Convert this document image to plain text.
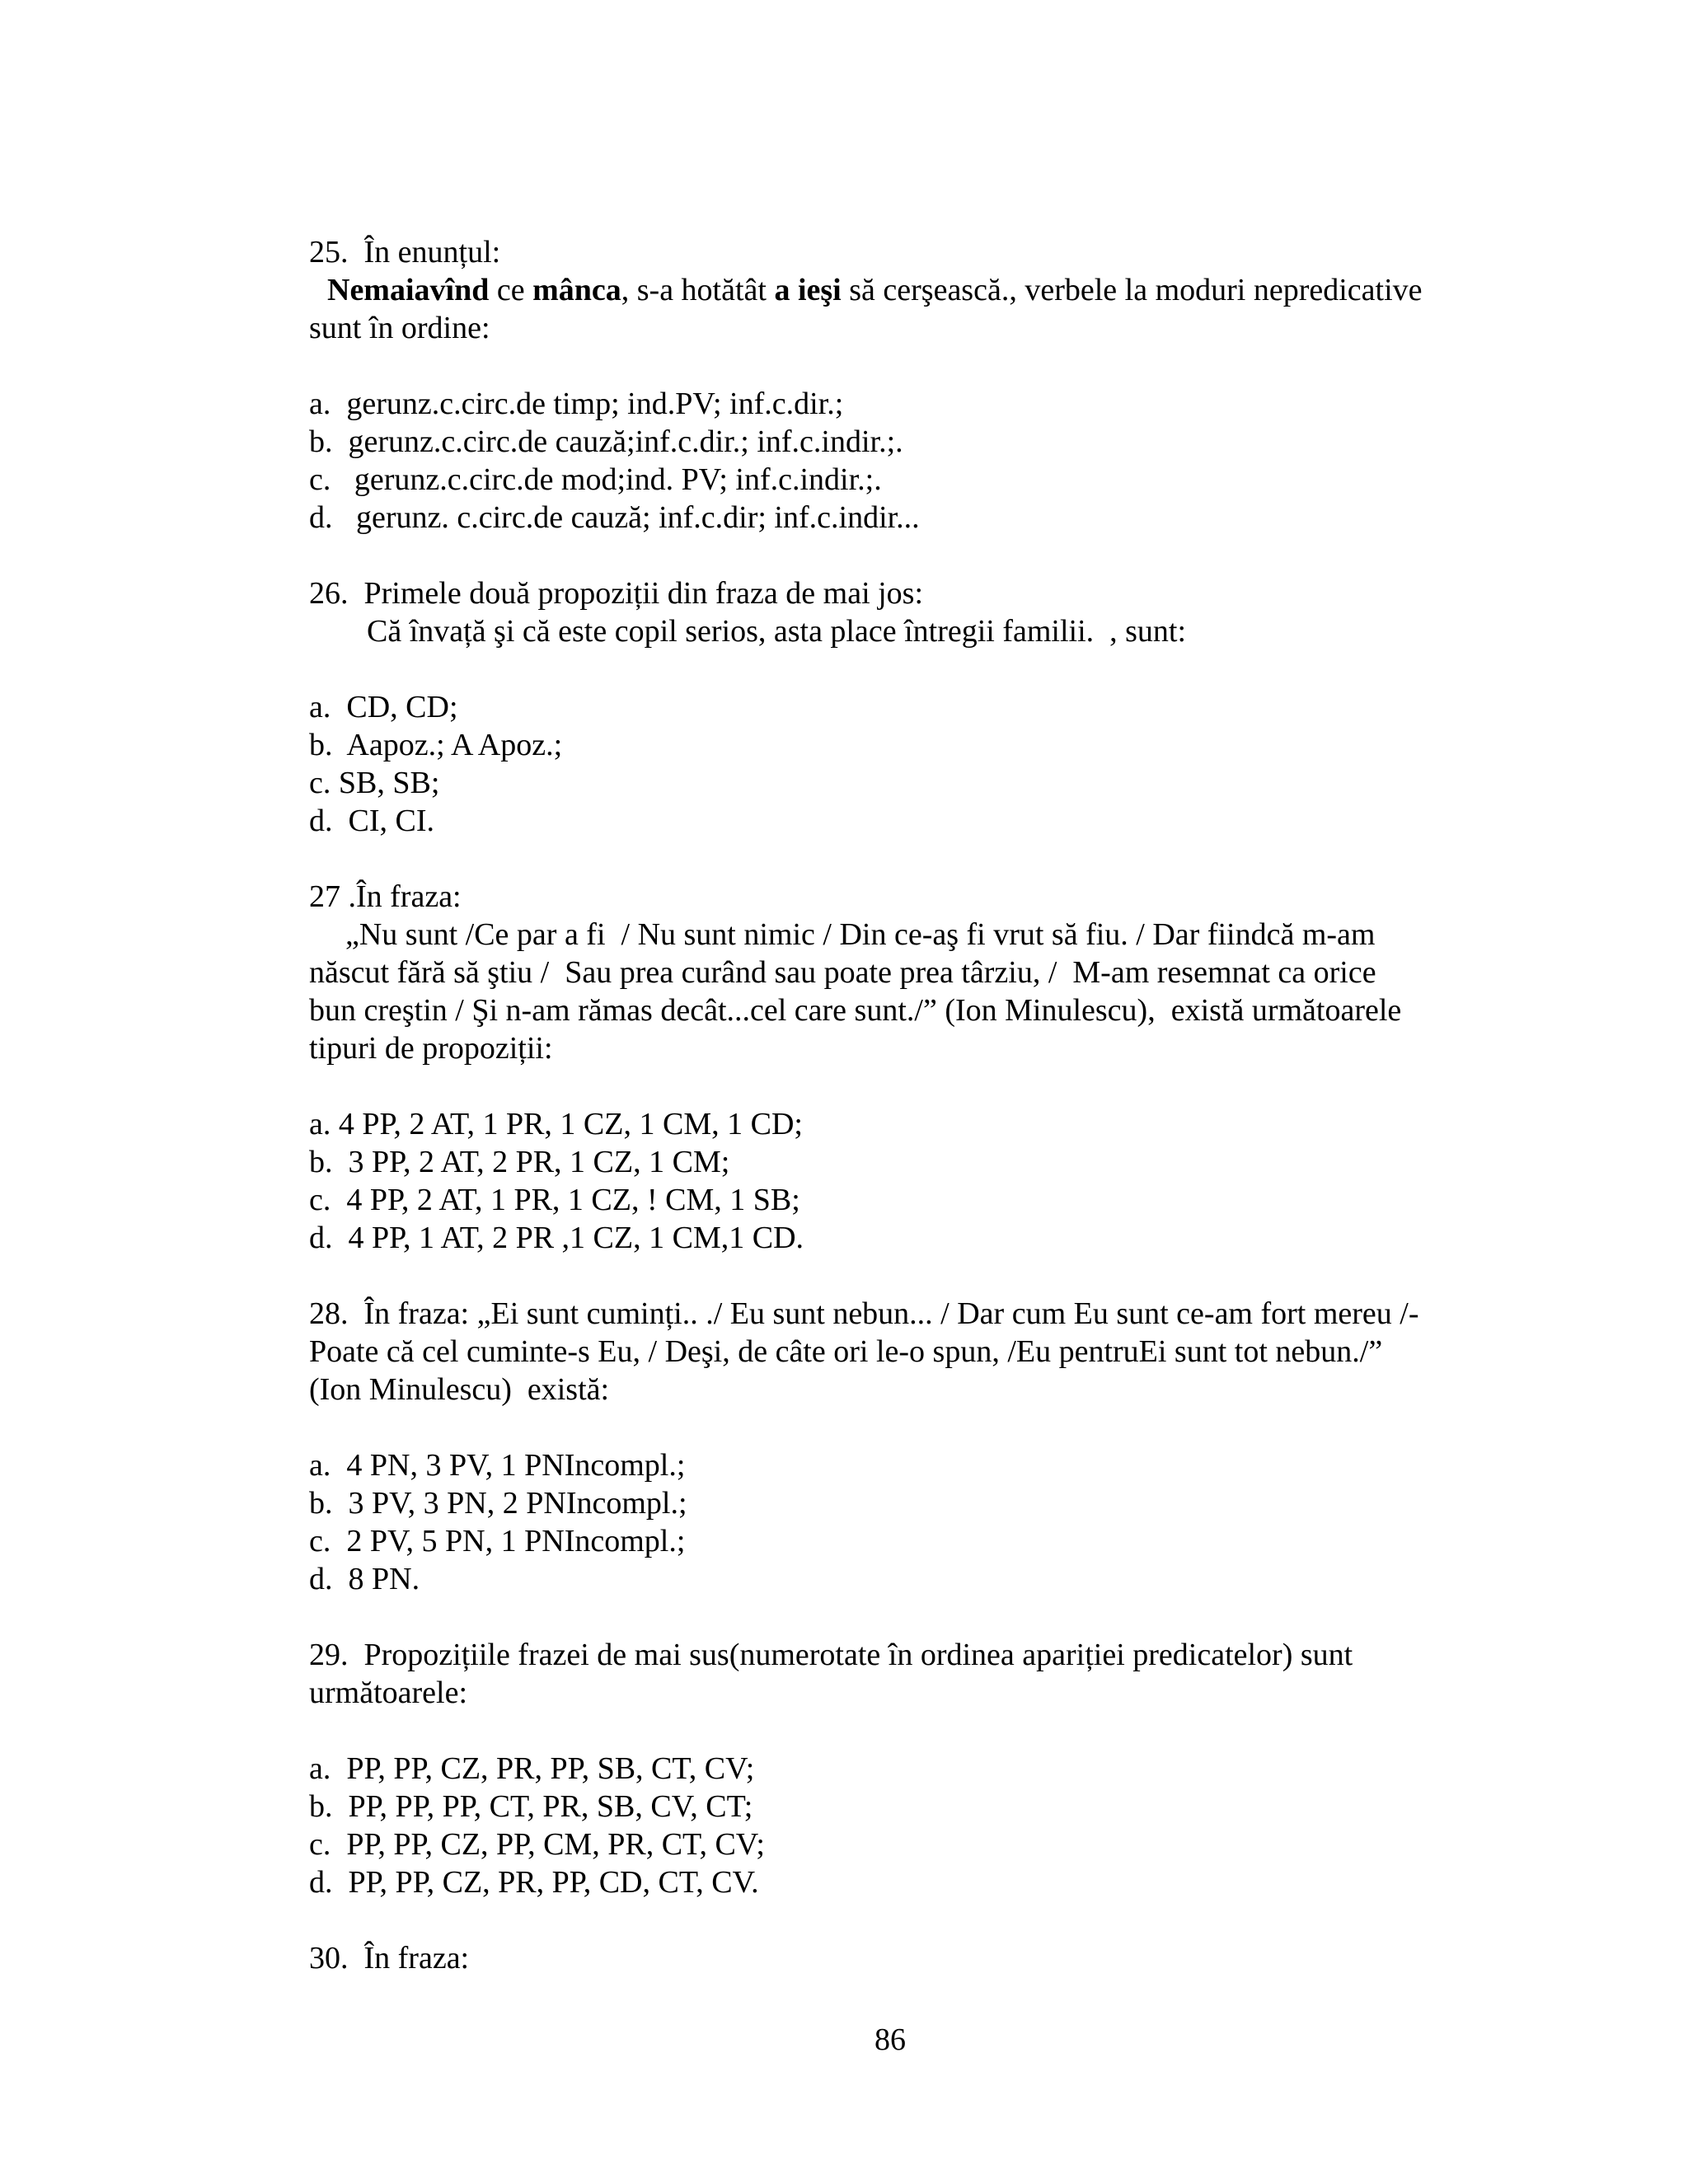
25.  În enunțul:
Nemaiavînd ce mânca, s-a hotătât a ieşi să cerşească., verbele la moduri nepredicative
sunt în ordine:
a.  gerunz.c.circ.de timp; ind.PV; inf.c.dir.;
b.  gerunz.c.circ.de cauză;inf.c.dir.; inf.c.indir.;.
c.   gerunz.c.circ.de mod;ind. PV; inf.c.indir.;.
d.   gerunz. c.circ.de cauză; inf.c.dir; inf.c.indir...
26.  Primele două propoziții din fraza de mai jos:
Că învață şi că este copil serios, asta place întregii familii.  , sunt:
a.  CD, CD;
b.  Aapoz.; A Apoz.;
c. SB, SB;
d.  CI, CI.
27 .În fraza:
„Nu sunt /Ce par a fi  / Nu sunt nimic / Din ce-aş fi vrut să fiu. / Dar fiindcă m-am
născut fără să ştiu /  Sau prea curând sau poate prea târziu, /  M-am resemnat ca orice
bun creştin / Şi n-am rămas decât...cel care sunt./” (Ion Minulescu),  există următoarele
tipuri de propoziții:
a. 4 PP, 2 AT, 1 PR, 1 CZ, 1 CM, 1 CD;
b.  3 PP, 2 AT, 2 PR, 1 CZ, 1 CM;
c.  4 PP, 2 AT, 1 PR, 1 CZ, ! CM, 1 SB;
d.  4 PP, 1 AT, 2 PR ,1 CZ, 1 CM,1 CD.
28.  În fraza: „Ei sunt cuminți.. ./ Eu sunt nebun... / Dar cum Eu sunt ce-am fort mereu /-
Poate că cel cuminte-s Eu, / Deşi, de câte ori le-o spun, /Eu pentruEi sunt tot nebun./”
(Ion Minulescu)  există:
a.  4 PN, 3 PV, 1 PNIncompl.;
b.  3 PV, 3 PN, 2 PNIncompl.;
c.  2 PV, 5 PN, 1 PNIncompl.;
d.  8 PN.
29.  Propozițiile frazei de mai sus(numerotate în ordinea apariției predicatelor) sunt
următoarele:
a.  PP, PP, CZ, PR, PP, SB, CT, CV;
b.  PP, PP, PP, CT, PR, SB, CV, CT;
c.  PP, PP, CZ, PP, CM, PR, CT, CV;
d.  PP, PP, CZ, PR, PP, CD, CT, CV.
30.  În fraza:
86
